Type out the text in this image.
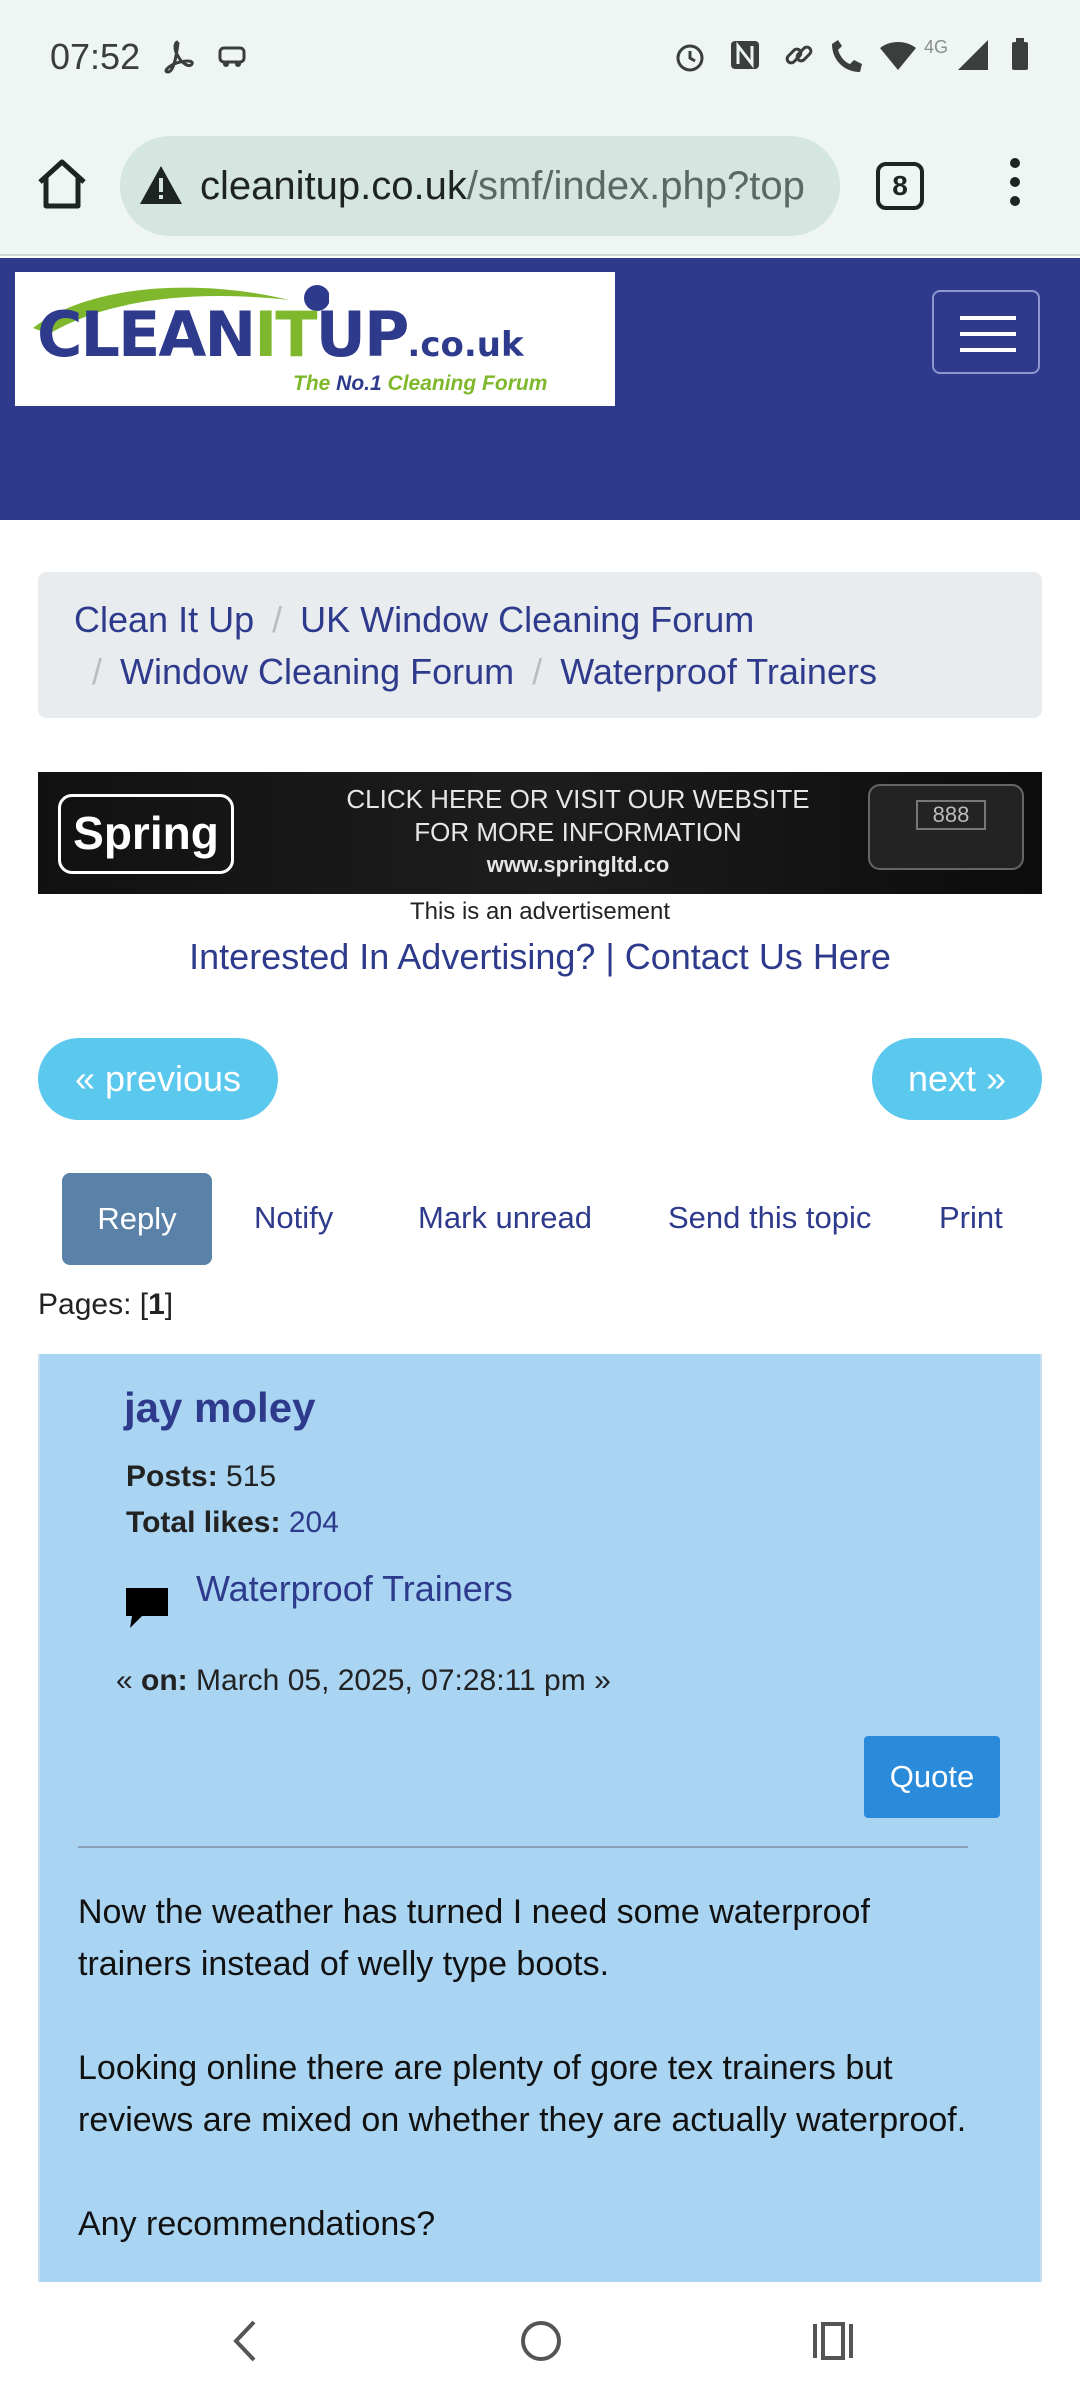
07:52	4G
cleanitup.co.uk/smf/index.php?top	8
CLEANITUP.co.uk
The No.1 Cleaning Forum
Clean It Up / UK Window Cleaning Forum
/ Window Cleaning Forum / Waterproof Trainers
Spring
CLICK HERE OR VISIT OUR WEBSITE
FOR MORE INFORMATION
www.springltd.co
888
This is an advertisement
Interested In Advertising? | Contact Us Here
« previous	next »
Reply	Notify	Mark unread Send this topic Print
Pages: [1]
jay moley
Posts: 515
Total likes: 204
Waterproof Trainers
« on: March 05, 2025, 07:28:11 pm »
Quote

Now the weather has turned I need some waterproof trainers instead of welly type boots.

Looking online there are plenty of gore tex trainers but reviews are mixed on whether they are actually waterproof.

Any recommendations?
